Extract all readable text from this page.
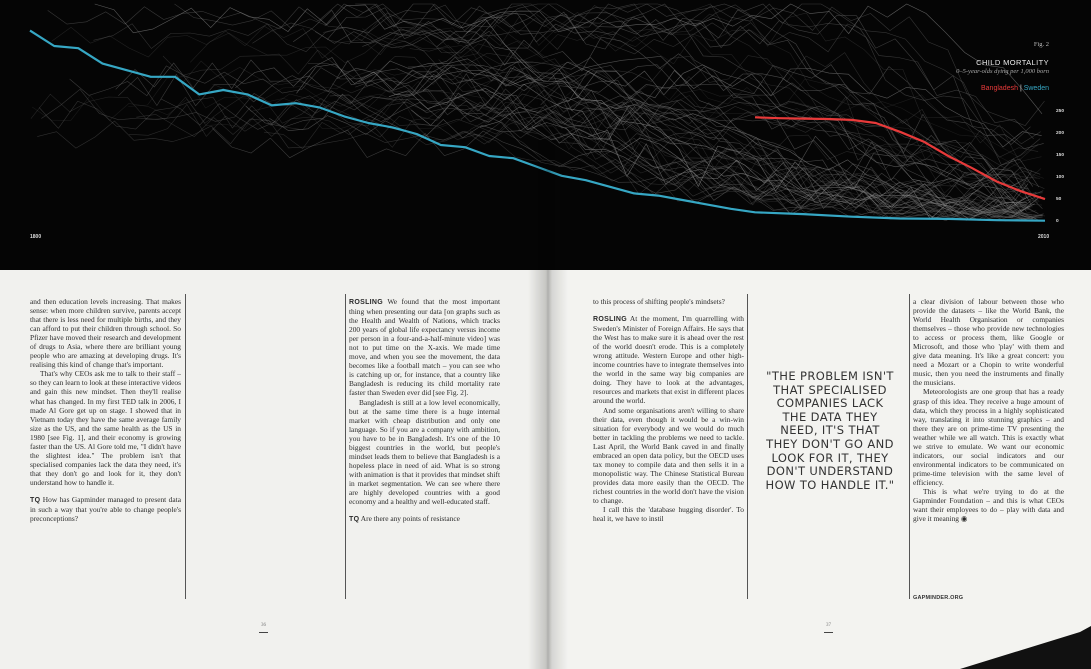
Fig. 2
CHILD MORTALITY
0–5-year-olds dying per 1,000 born
Bangladesh | Sweden
1800	2010
250
200
150
100
50
0

and then education levels increasing. That makes sense: when more children survive, parents accept that there is less need for multiple births, and they can afford to put their children through school. So Pfizer have moved their research and development of drugs to Asia, where there are brilliant young people who are amazing at developing drugs. It's realising this kind of change that's important.

That's why CEOs ask me to talk to their staff – so they can learn to look at these interactive videos and gain this new mindset. Then they'll realise what has changed. In my first TED talk in 2006, I made Al Gore get up on stage. I showed that in Vietnam today they have the same average family size as the US, and the same health as the US in 1980 [see Fig. 1], and their economy is growing faster than the US. Al Gore told me, "I didn't have the slightest idea." The problem isn't that specialised companies lack the data they need, it's that they don't go and look for it, they don't understand how to handle it.

TQ How has Gapminder managed to present data in such a way that you're able to change people's preconceptions?

ROSLING We found that the most important thing when presenting our data [on graphs such as the Health and Wealth of Nations, which tracks 200 years of global life expectancy versus income per person in a four-and-a-half-minute video] was not to put time on the X-axis. We made time move, and when you see the movement, the data becomes like a football match – you can see who is catching up or, for instance, that a country like Bangladesh is reducing its child mortality rate faster than Sweden ever did [see Fig. 2].

Bangladesh is still at a low level economically, but at the same time there is a huge internal market with cheap distribution and only one language. So if you are a company with ambition, you have to be in Bangladesh. It's one of the 10 biggest countries in the world, but people's mindset leads them to believe that Bangladesh is a hopeless place in need of aid. What is so strong with animation is that it provides that mindset shift in market segmentation. We can see where there are highly developed countries with a good economy and a healthy and well-educated staff.

TQ Are there any points of resistance

36

to this process of shifting people's mindsets?

ROSLING At the moment, I'm quarrelling with Sweden's Minister of Foreign Affairs. He says that the West has to make sure it is ahead over the rest of the world doesn't erode. This is a completely wrong attitude. Western Europe and other high-income countries have to integrate themselves into the world in the same way big companies are doing. They have to look at the advantages, resources and markets that exist in different places around the world.

And some organisations aren't willing to share their data, even though it would be a win-win situation for everybody and we would do much better in tackling the problems we need to tackle. Last April, the World Bank caved in and finally embraced an open data policy, but the OECD uses tax money to compile data and then sells it in a monopolistic way. The Chinese Statistical Bureau provides data more easily than the OECD. The richest countries in the world don't have the vision to change.

I call this the 'database hugging disorder'. To heal it, we have to instil

"THE PROBLEM ISN'T THAT SPECIALISED COMPANIES LACK THE DATA THEY NEED, IT'S THAT THEY DON'T GO AND LOOK FOR IT, THEY DON'T UNDERSTAND HOW TO HANDLE IT."

a clear division of labour between those who provide the datasets – like the World Bank, the World Health Organisation or companies themselves – those who provide new technologies to access or process them, like Google or Microsoft, and those who 'play' with them and give data meaning. It's like a great concert: you need a Mozart or a Chopin to write wonderful music, then you need the instruments and finally the musicians.

Meteorologists are one group that has a ready grasp of this idea. They receive a huge amount of data, which they process in a highly sophisticated way, translating it into stunning graphics – and there they are on prime-time TV presenting the weather while we all watch. This is exactly what we strive to emulate. We want our economic indicators, our social indicators and our environmental indicators to be communicated on prime-time television with the same level of efficiency.

This is what we're trying to do at the Gapminder Foundation – and this is what CEOs want their employees to do – play with data and give it meaning ◉

GAPMINDER.ORG
37
